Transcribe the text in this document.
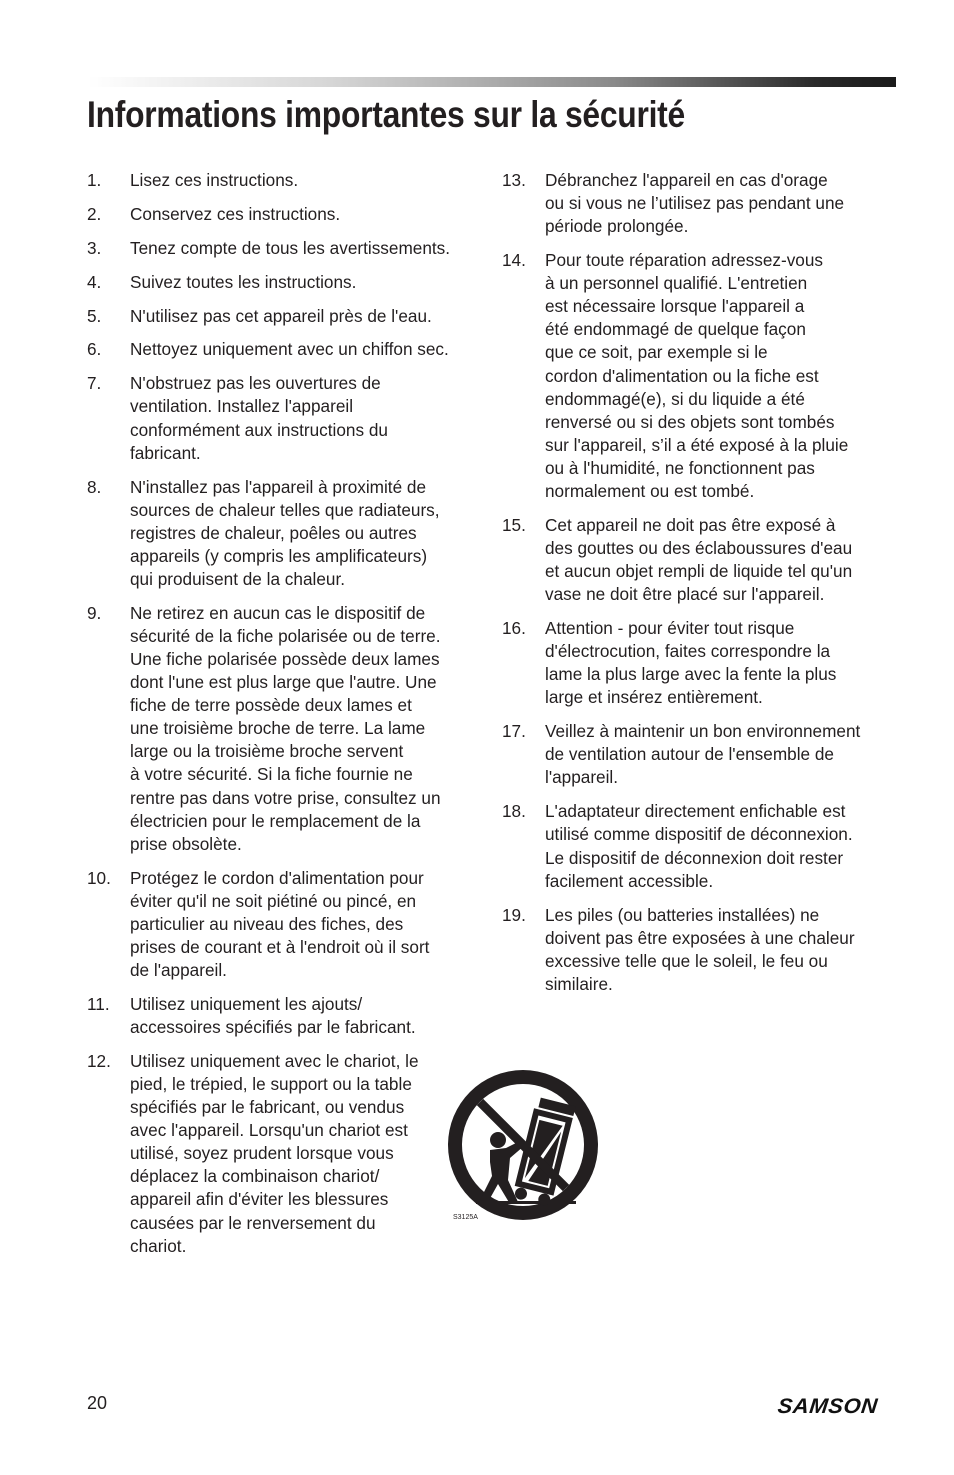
Informations importantes sur la sécurité
1.	Lisez ces instructions.
2.	Conservez ces instructions.
3.	Tenez compte de tous les avertissements.
4.	Suivez toutes les instructions.
5.	N'utilisez pas cet appareil près de l'eau.
6.	Nettoyez uniquement avec un chiffon sec.
7.	N'obstruez pas les ouvertures de
ventilation. Installez l'appareil
conformément aux instructions du
fabricant.
8.	N'installez pas l'appareil à proximité de
sources de chaleur telles que radiateurs,
registres de chaleur, poêles ou autres
appareils (y compris les amplificateurs)
qui produisent de la chaleur.
9.	Ne retirez en aucun cas le dispositif de
sécurité de la fiche polarisée ou de terre.
Une fiche polarisée possède deux lames
dont l'une est plus large que l'autre. Une
fiche de terre possède deux lames et
une troisième broche de terre. La lame
large ou la troisième broche servent
à votre sécurité. Si la fiche fournie ne
rentre pas dans votre prise, consultez un
électricien pour le remplacement de la
prise obsolète.
10.	Protégez le cordon d'alimentation pour
éviter qu'il ne soit piétiné ou pincé, en
particulier au niveau des fiches, des
prises de courant et à l'endroit où il sort
de l'appareil.
11.	Utilisez uniquement les ajouts/
accessoires spécifiés par le fabricant.
12.	Utilisez uniquement avec le chariot, le
pied, le trépied, le support ou la table
spécifiés par le fabricant, ou vendus
avec l'appareil. Lorsqu'un chariot est
utilisé, soyez prudent lorsque vous
déplacez la combinaison chariot/
appareil afin d'éviter les blessures
causées par le renversement du
chariot.
13.	Débranchez l'appareil en cas d'orage
ou si vous ne l’utilisez pas pendant une
période prolongée.
14.	Pour toute réparation adressez-vous
à un personnel qualifié. L'entretien
est nécessaire lorsque l'appareil a
été endommagé de quelque façon
que ce soit, par exemple si le
cordon d'alimentation ou la fiche est
endommagé(e), si du liquide a été
renversé ou si des objets sont tombés
sur l'appareil, s’il a été exposé à la pluie
ou à l'humidité, ne fonctionnent pas
normalement ou est tombé.
15.	Cet appareil ne doit pas être exposé à
des gouttes ou des éclaboussures d'eau
et aucun objet rempli de liquide tel qu'un
vase ne doit être placé sur l'appareil.
16.	Attention - pour éviter tout risque
d'électrocution, faites correspondre la
lame la plus large avec la fente la plus
large et insérez entièrement.
17.	Veillez à maintenir un bon environnement
de ventilation autour de l'ensemble de
l'appareil.
18.	L'adaptateur directement enfichable est
utilisé comme dispositif de déconnexion.
Le dispositif de déconnexion doit rester
facilement accessible.
19.	Les piles (ou batteries installées) ne
doivent pas être exposées à une chaleur
excessive telle que le soleil, le feu ou
similaire.
S3125A
20	SAMSON
